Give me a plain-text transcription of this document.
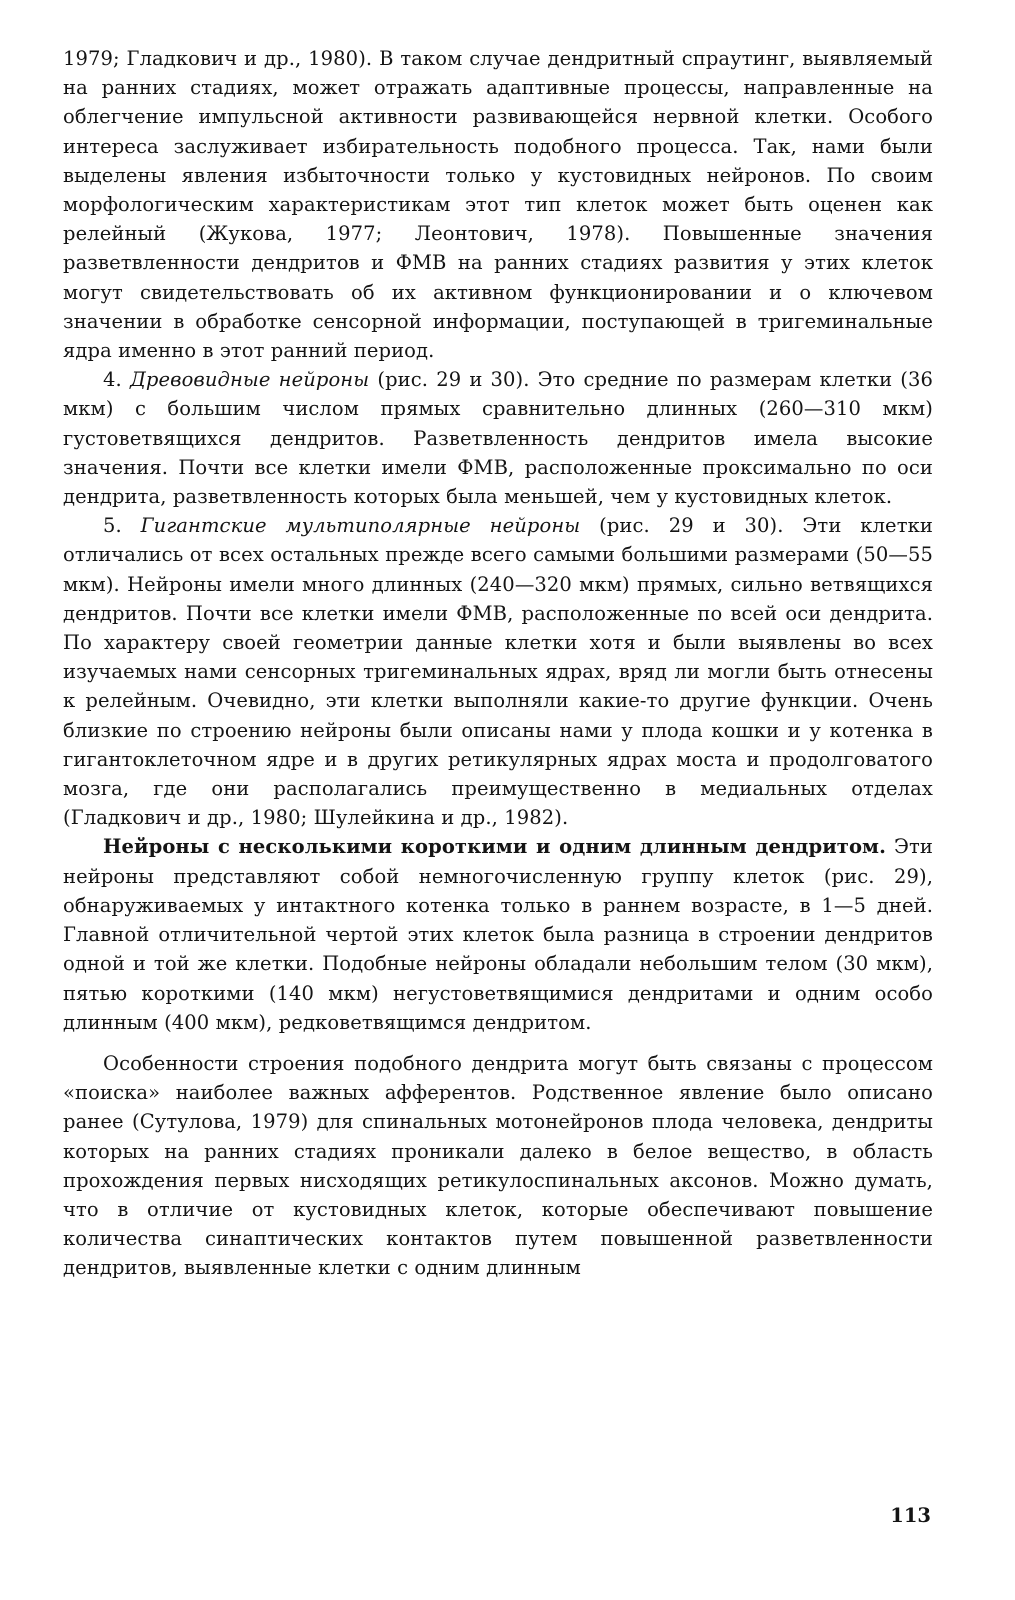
1979; Гладкович и др., 1980). В таком случае дендритный спраутинг, выявляемый на ранних стадиях, может отражать адаптивные процессы, направленные на облегчение импульсной активности развивающейся нервной клетки. Особого интереса заслуживает избирательность подобного процесса. Так, нами были выделены явления избыточности только у кустовидных нейронов. По своим морфологическим характеристикам этот тип клеток может быть оценен как релейный (Жукова, 1977; Леонтович, 1978). Повышенные значения разветвленности дендритов и ФМВ на ранних стадиях развития у этих клеток могут свидетельствовать об их активном функционировании и о ключевом значении в обработке сенсорной информации, поступающей в тригеминальные ядра именно в этот ранний период.

4. Древовидные нейроны (рис. 29 и 30). Это средние по размерам клетки (36 мкм) с большим числом прямых сравнительно длинных (260—310 мкм) густоветвящихся дендритов. Разветвленность дендритов имела высокие значения. Почти все клетки имели ФМВ, расположенные проксимально по оси дендрита, разветвленность которых была меньшей, чем у кустовидных клеток.

5. Гигантские мультиполярные нейроны (рис. 29 и 30). Эти клетки отличались от всех остальных прежде всего самыми большими размерами (50—55 мкм). Нейроны имели много длинных (240—320 мкм) прямых, сильно ветвящихся дендритов. Почти все клетки имели ФМВ, расположенные по всей оси дендрита. По характеру своей геометрии данные клетки хотя и были выявлены во всех изучаемых нами сенсорных тригеминальных ядрах, вряд ли могли быть отнесены к релейным. Очевидно, эти клетки выполняли какие-то другие функции. Очень близкие по строению нейроны были описаны нами у плода кошки и у котенка в гигантоклеточном ядре и в других ретикулярных ядрах моста и продолговатого мозга, где они располагались преимущественно в медиальных отделах (Гладкович и др., 1980; Шулейкина и др., 1982).

Нейроны с несколькими короткими и одним длинным дендритом. Эти нейроны представляют собой немногочисленную группу клеток (рис. 29), обнаруживаемых у интактного котенка только в раннем возрасте, в 1—5 дней. Главной отличительной чертой этих клеток была разница в строении дендритов одной и той же клетки. Подобные нейроны обладали небольшим телом (30 мкм), пятью короткими (140 мкм) негустоветвящимися дендритами и одним особо длинным (400 мкм), редковетвящимся дендритом.

Особенности строения подобного дендрита могут быть связаны с процессом «поиска» наиболее важных афферентов. Родственное явление было описано ранее (Сутулова, 1979) для спинальных мотонейронов плода человека, дендриты которых на ранних стадиях проникали далеко в белое вещество, в область прохождения первых нисходящих ретикулоспинальных аксонов. Можно думать, что в отличие от кустовидных клеток, которые обеспечивают повышение количества синаптических контактов путем повышенной разветвленности дендритов, выявленные клетки с одним длинным

113
